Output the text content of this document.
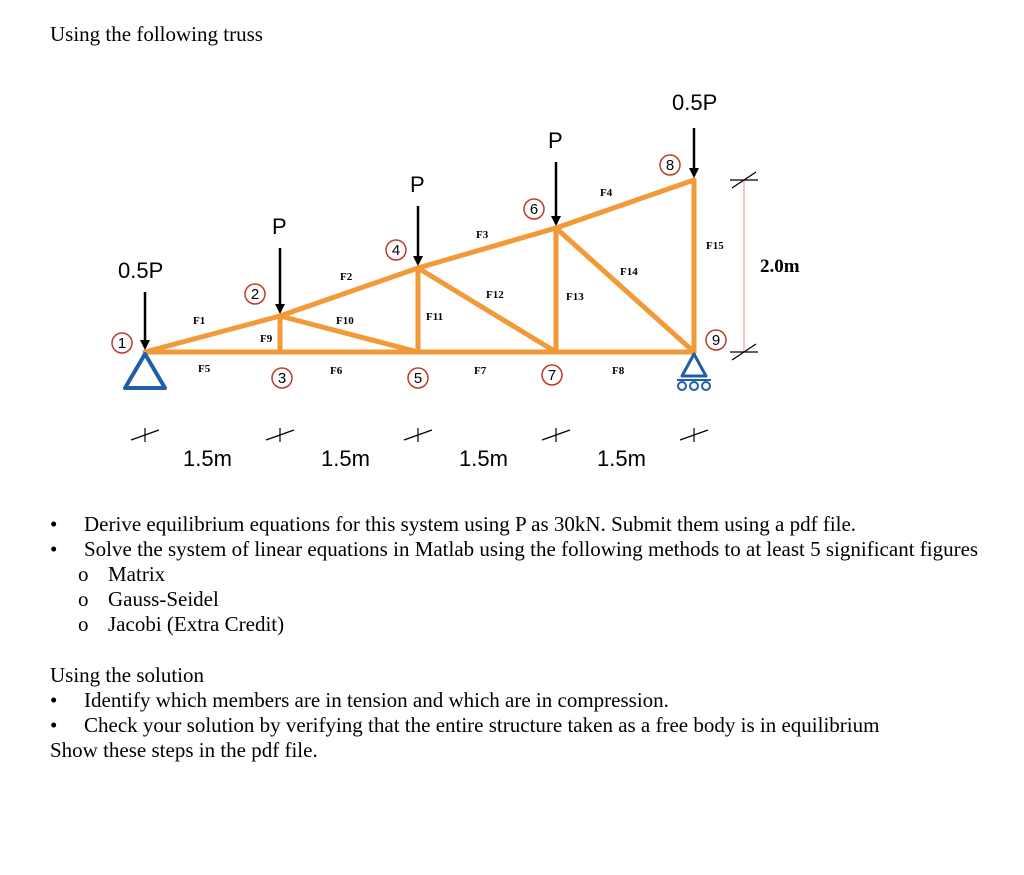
Using the following truss

F1
F2
F3
F4
F5	F6	F7	F8
F9
F10	F11
F12	F13
F14
F15
0.5P
P
P
P
0.5P
1
2
3
4
5
6
7
8
9
1.5m	1.5m	1.5m	1.5m
2.0m

• Derive equilibrium equations for this system using P as 30kN. Submit them using a pdf file.

• Solve the system of linear equations in Matlab using the following methods to at least 5 significant figures

o Matrix

o Gauss-Seidel

o Jacobi (Extra Credit)

Using the solution

• Identify which members are in tension and which are in compression.

• Check your solution by verifying that the entire structure taken as a free body is in equilibrium

Show these steps in the pdf file.
